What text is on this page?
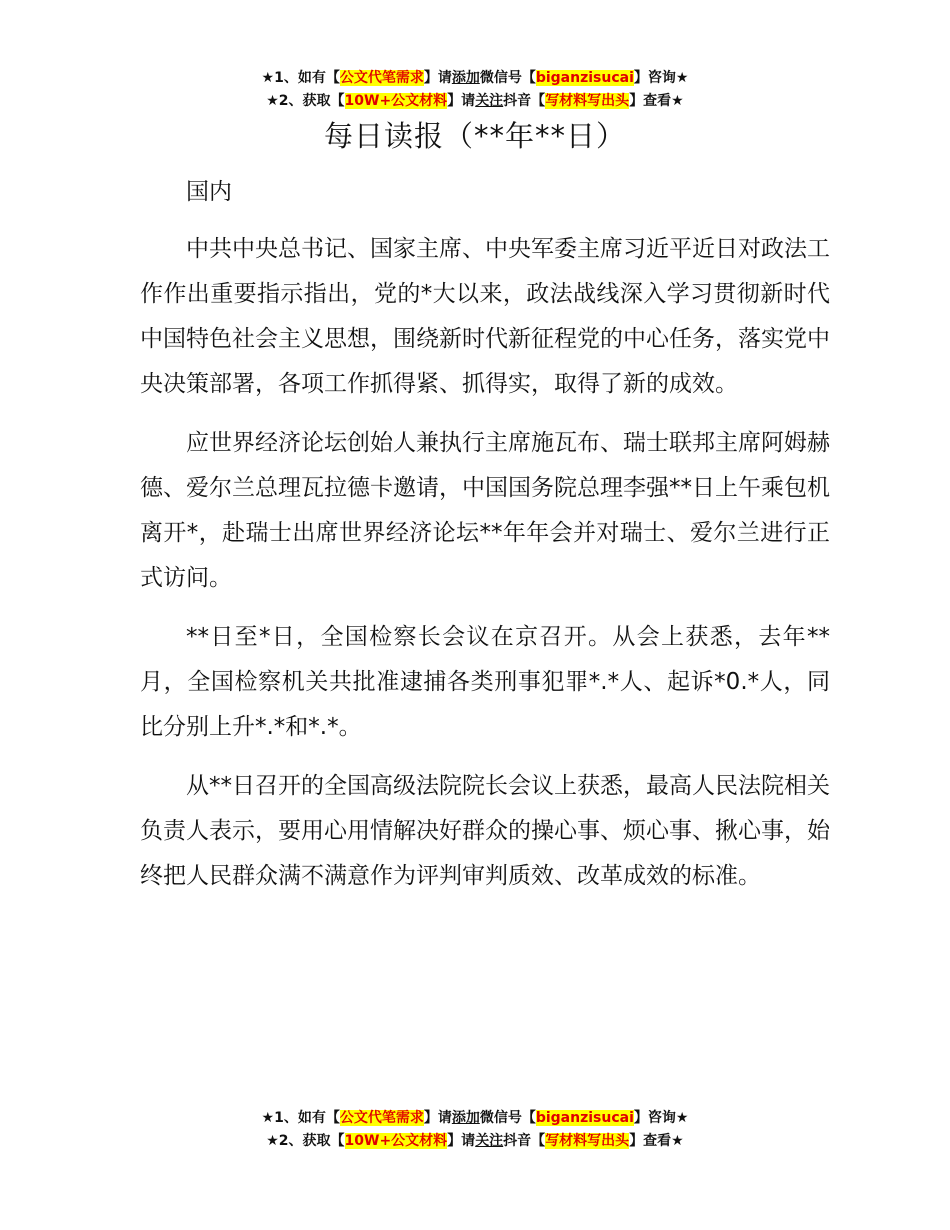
★1、如有【公文代笔需求】请添加微信号【biganzisucai】咨询★
★2、获取【10W+公文材料】请关注抖音【写材料写出头】查看★
每日读报（**年**日）

国内

中共中央总书记、国家主席、中央军委主席习近平近日对政法工作作出重要指示指出，党的*大以来，政法战线深入学习贯彻新时代中国特色社会主义思想，围绕新时代新征程党的中心任务，落实党中央决策部署，各项工作抓得紧、抓得实，取得了新的成效。

应世界经济论坛创始人兼执行主席施瓦布、瑞士联邦主席阿姆赫德、爱尔兰总理瓦拉德卡邀请，中国国务院总理李强**日上午乘包机离开*，赴瑞士出席世界经济论坛**年年会并对瑞士、爱尔兰进行正式访问。

**日至*日，全国检察长会议在京召开。从会上获悉，去年**月，全国检察机关共批准逮捕各类刑事犯罪*.*人、起诉*0.*人，同比分别上升*.*和*.*。

从**日召开的全国高级法院院长会议上获悉，最高人民法院相关负责人表示，要用心用情解决好群众的操心事、烦心事、揪心事，始终把人民群众满不满意作为评判审判质效、改革成效的标准。

★1、如有【公文代笔需求】请添加微信号【biganzisucai】咨询★
★2、获取【10W+公文材料】请关注抖音【写材料写出头】查看★
